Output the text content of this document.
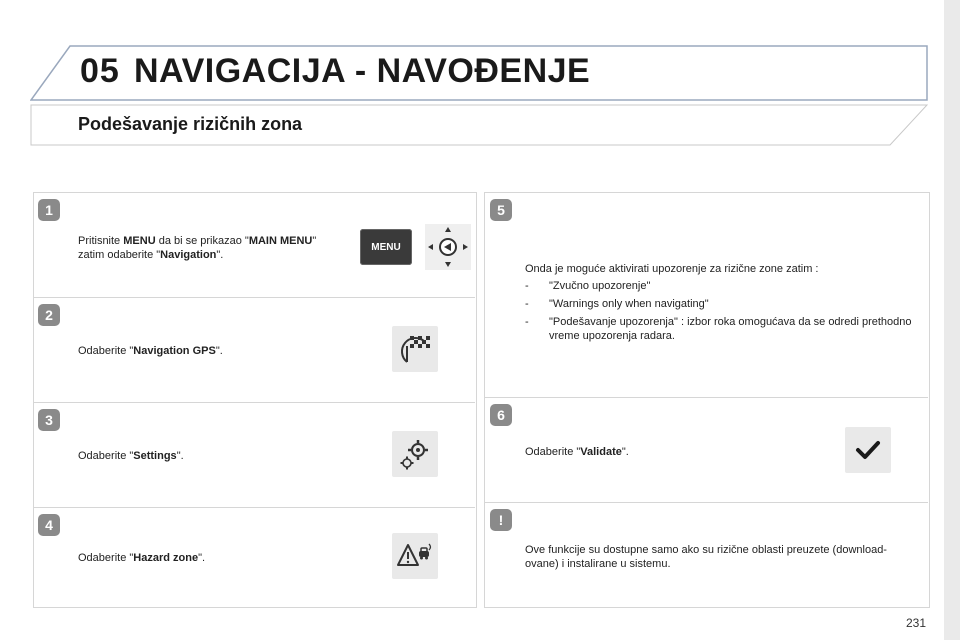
05 NAVIGACIJA - NAVOĐENJE
Podešavanje rizičnih zona
1
Pritisnite MENU da bi se prikazao "MAIN MENU" zatim odaberite "Navigation".
MENU
2
Odaberite "Navigation GPS".
3
Odaberite "Settings".
4
Odaberite "Hazard zone".
5
Onda je moguće aktivirati upozorenje za rizične zone zatim :
-	"Zvučno upozorenje"
-	"Warnings only when navigating"
-	"Podešavanje upozorenja" : izbor roka omogućava da se odredi prethodno vreme upozorenja radara.
6
Odaberite "Validate".
!
Ove funkcije su dostupne samo ako su rizične oblasti preuzete (download-ovane) i instalirane u sistemu.
231
